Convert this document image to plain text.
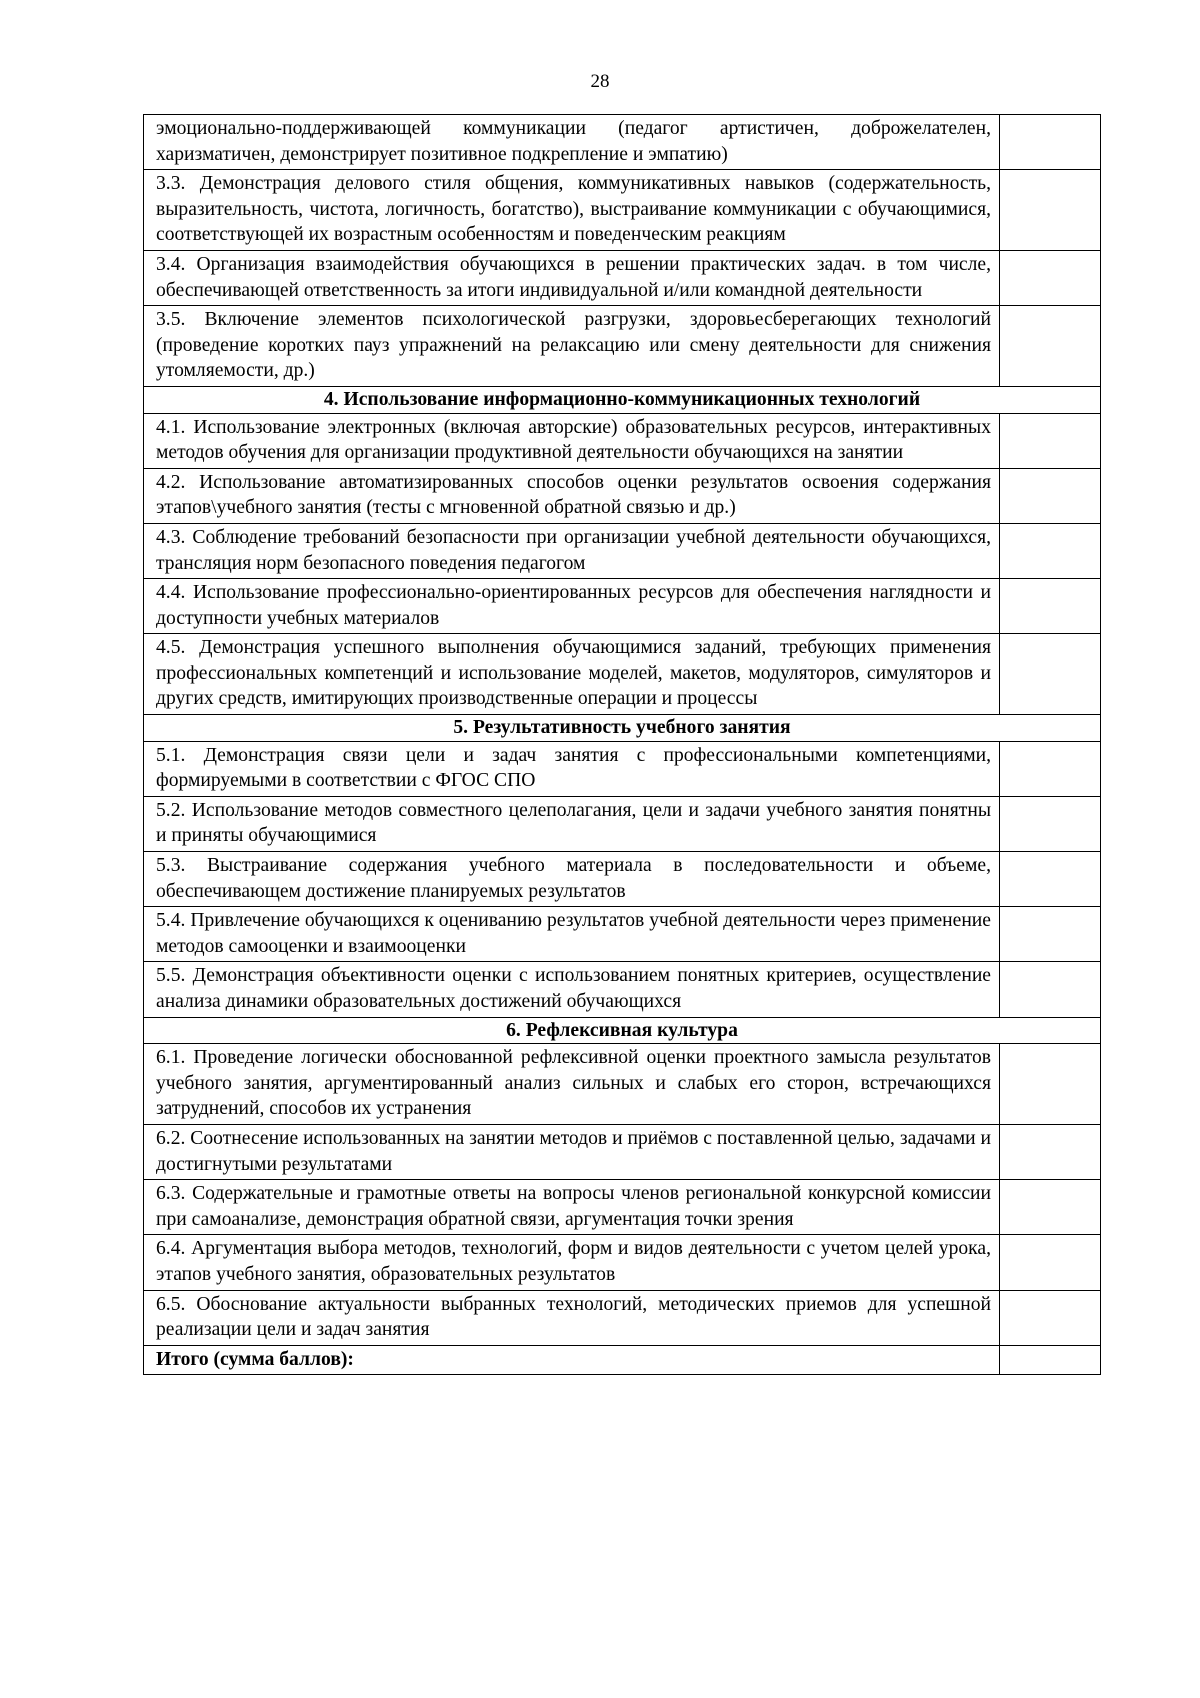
28
эмоционально-поддерживающей коммуникации (педагог артистичен, доброжелателен, харизматичен, демонстрирует позитивное подкрепление и эмпатию)	
3.3. Демонстрация делового стиля общения, коммуникативных навыков (содержательность, выразительность, чистота, логичность, богатство), выстраивание коммуникации с обучающимися, соответствующей их возрастным особенностям и поведенческим реакциям	
3.4. Организация взаимодействия обучающихся в решении практических задач. в том числе, обеспечивающей ответственность за итоги индивидуальной и/или командной деятельности	
3.5. Включение элементов психологической разгрузки, здоровьесберегающих технологий (проведение коротких пауз упражнений на релаксацию или смену деятельности для снижения утомляемости, др.)	
4. Использование информационно-коммуникационных технологий	
4.1. Использование электронных (включая авторские) образовательных ресурсов, интерактивных методов обучения для организации продуктивной деятельности обучающихся на занятии	
4.2. Использование автоматизированных способов оценки результатов освоения содержания этапов\учебного занятия (тесты с мгновенной обратной связью и др.)	
4.3. Соблюдение требований безопасности при организации учебной деятельности обучающихся, трансляция норм безопасного поведения педагогом	
4.4. Использование профессионально-ориентированных ресурсов для обеспечения наглядности и доступности учебных материалов	
4.5. Демонстрация успешного выполнения обучающимися заданий, требующих применения профессиональных компетенций и использование моделей, макетов, модуляторов, симуляторов и других средств, имитирующих производственные операции и процессы	
5. Результативность учебного занятия	
5.1. Демонстрация связи цели и задач занятия с профессиональными компетенциями, формируемыми в соответствии с ФГОС СПО	
5.2. Использование методов совместного целеполагания, цели и задачи учебного занятия понятны и приняты обучающимися	
5.3. Выстраивание содержания учебного материала в последовательности и объеме, обеспечивающем достижение планируемых результатов	
5.4. Привлечение обучающихся к оцениванию результатов учебной деятельности через применение методов самооценки и взаимооценки	
5.5. Демонстрация объективности оценки с использованием понятных критериев, осуществление анализа динамики образовательных достижений обучающихся	
6. Рефлексивная культура	
6.1. Проведение логически обоснованной рефлексивной оценки проектного замысла результатов учебного занятия, аргументированный анализ сильных и слабых его сторон, встречающихся затруднений, способов их устранения	
6.2. Соотнесение использованных на занятии методов и приёмов с поставленной целью, задачами и достигнутыми результатами	
6.3. Содержательные и грамотные ответы на вопросы членов региональной конкурсной комиссии при самоанализе, демонстрация обратной связи, аргументация точки зрения	
6.4. Аргументация выбора методов, технологий, форм и видов деятельности с учетом целей урока, этапов учебного занятия, образовательных результатов	
6.5. Обоснование актуальности выбранных технологий, методических приемов для успешной реализации цели и задач занятия	
Итого (сумма баллов):	
